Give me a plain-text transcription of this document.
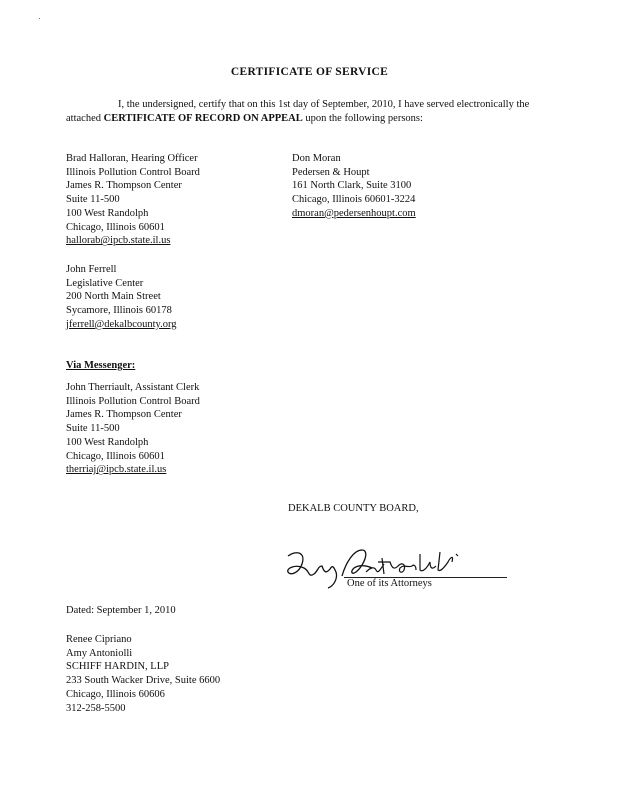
CERTIFICATE OF SERVICE
I, the undersigned, certify that on this 1st day of September, 2010, I have served electronically the attached CERTIFICATE OF RECORD ON APPEAL upon the following persons:
Brad Halloran, Hearing Officer
Illinois Pollution Control Board
James R. Thompson Center
Suite 11-500
100 West Randolph
Chicago, Illinois 60601
hallorab@ipcb.state.il.us
Don Moran
Pedersen & Houpt
161 North Clark, Suite 3100
Chicago, Illinois 60601-3224
dmoran@pedersenhoupt.com
John Ferrell
Legislative Center
200 North Main Street
Sycamore, Illinois 60178
jferrell@dekalbcounty.org
Via Messenger:
John Therriault, Assistant Clerk
Illinois Pollution Control Board
James R. Thompson Center
Suite 11-500
100 West Randolph
Chicago, Illinois 60601
therriaj@ipcb.state.il.us
DEKALB COUNTY BOARD,
One of its Attorneys
Dated: September 1, 2010
Renee Cipriano
Amy Antoniolli
SCHIFF HARDIN, LLP
233 South Wacker Drive, Suite 6600
Chicago, Illinois 60606
312-258-5500
